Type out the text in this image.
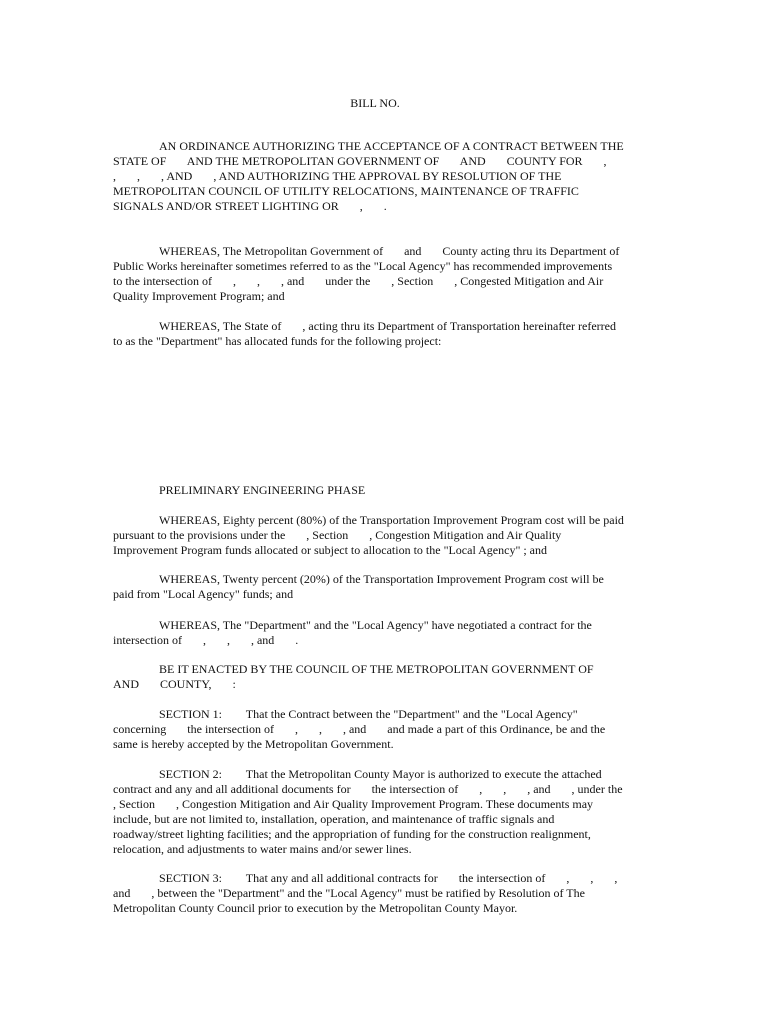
BILL NO.
AN ORDINANCE AUTHORIZING THE ACCEPTANCE OF A CONTRACT BETWEEN THE
STATE OF       AND THE METROPOLITAN GOVERNMENT OF       AND       COUNTY FOR       ,
,       ,       , AND       , AND AUTHORIZING THE APPROVAL BY RESOLUTION OF THE
METROPOLITAN COUNCIL OF UTILITY RELOCATIONS, MAINTENANCE OF TRAFFIC
SIGNALS AND/OR STREET LIGHTING OR       ,       .
WHEREAS, The Metropolitan Government of       and       County acting thru its Department of
Public Works hereinafter sometimes referred to as the "Local Agency" has recommended improvements
to the intersection of       ,       ,       , and       under the       , Section       , Congested Mitigation and Air
Quality Improvement Program; and
WHEREAS, The State of       , acting thru its Department of Transportation hereinafter referred
to as the "Department" has allocated funds for the following project:
PRELIMINARY ENGINEERING PHASE
WHEREAS, Eighty percent (80%) of the Transportation Improvement Program cost will be paid
pursuant to the provisions under the       , Section       , Congestion Mitigation and Air Quality
Improvement Program funds allocated or subject to allocation to the "Local Agency" ; and
WHEREAS, Twenty percent (20%) of the Transportation Improvement Program cost will be
paid from "Local Agency" funds; and
WHEREAS, The "Department" and the "Local Agency" have negotiated a contract for the
intersection of       ,       ,       , and       .
BE IT ENACTED BY THE COUNCIL OF THE METROPOLITAN GOVERNMENT OF
AND       COUNTY,       :
SECTION 1:        That the Contract between the "Department" and the "Local Agency"
concerning       the intersection of       ,       ,       , and       and made a part of this Ordinance, be and the
same is hereby accepted by the Metropolitan Government.
SECTION 2:        That the Metropolitan County Mayor is authorized to execute the attached
contract and any and all additional documents for       the intersection of       ,       ,       , and       , under the
, Section       , Congestion Mitigation and Air Quality Improvement Program. These documents may
include, but are not limited to, installation, operation, and maintenance of traffic signals and
roadway/street lighting facilities; and the appropriation of funding for the construction realignment,
relocation, and adjustments to water mains and/or sewer lines.
SECTION 3:        That any and all additional contracts for       the intersection of       ,       ,       ,
and       , between the "Department" and the "Local Agency" must be ratified by Resolution of The
Metropolitan County Council prior to execution by the Metropolitan County Mayor.
